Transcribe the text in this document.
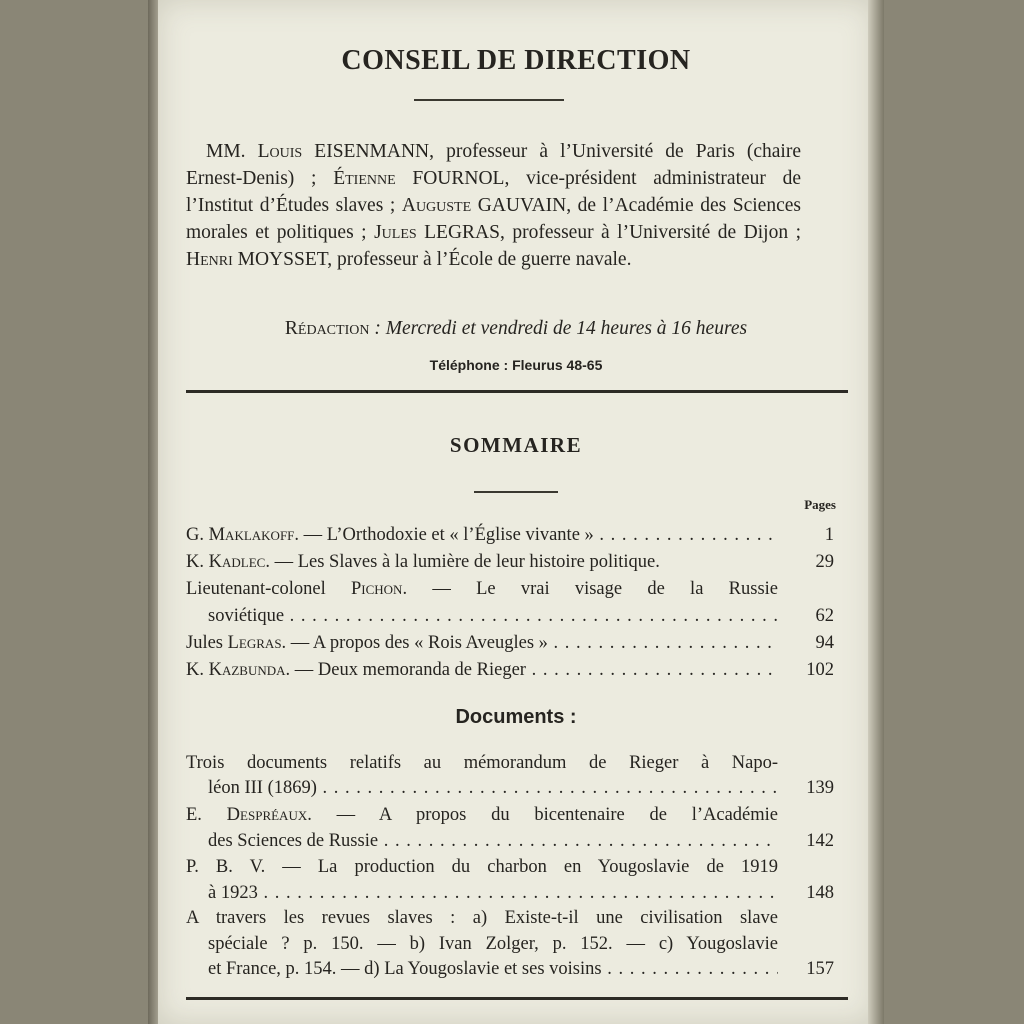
CONSEIL DE DIRECTION
MM. Louis EISENMANN, professeur à l’Université de Paris (chaire Ernest-Denis) ; Étienne FOURNOL, vice-président administrateur de l’Institut d’Études slaves ; Auguste GAUVAIN, de l’Académie des Sciences morales et politiques ; Jules LEGRAS, professeur à l’Université de Dijon ; Henri MOYSSET, professeur à l’École de guerre navale.
Rédaction : Mercredi et vendredi de 14 heures à 16 heures
Téléphone : Fleurus 48-65
SOMMAIRE
Pages
G. Maklakoff. — L’Orthodoxie et « l’Église vivante » . . .	1
K. Kadlec. — Les Slaves à la lumière de leur histoire politique.	29
Lieutenant-colonel Pichon. — Le vrai visage de la Russie
soviétique . . .	62
Jules Legras. — A propos des « Rois Aveugles » . . .	94
K. Kazbunda. — Deux memoranda de Rieger . . .	102
Documents :
Trois documents relatifs au mémorandum de Rieger à Napo-
léon III (1869) . . .	139
E. Despréaux. — A propos du bicentenaire de l’Académie
des Sciences de Russie . . .	142
P. B. V. — La production du charbon en Yougoslavie de 1919
à 1923 . . .	148
A travers les revues slaves : a) Existe-t-il une civilisation slave
spéciale ? p. 150. — b) Ivan Zolger, p. 152. — c) Yougoslavie
et France, p. 154. — d) La Yougoslavie et ses voisins . . .	157
